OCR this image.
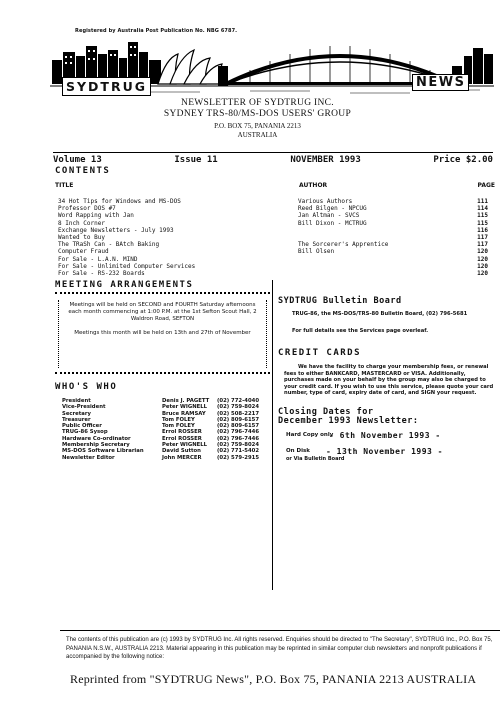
Registered by Australia Post Publication No. NBG 6787.
SYDTRUG	NEWS
NEWSLETTER OF SYDTRUG INC.
SYDNEY TRS-80/MS-DOS USERS' GROUP
P.O. BOX 75, PANANIA 2213
AUSTRALIA
Volume 13	Issue 11	NOVEMBER 1993	Price $2.00
CONTENTS
TITLE	AUTHOR	PAGE
34 Hot Tips for Windows and MS-DOS	Various Authors	111
Professor DOS #7	Reed Bilgen - NPCUG	114
Word Rapping with Jan	Jan Altman - SVCS	115
8 Inch Corner	Bill Dixon - MCTRUG	115
Exchange Newsletters - July 1993	116
Wanted to Buy	117
The TRaSh Can - BAtch Baking	The Sorcerer's Apprentice	117
Computer Fraud	Bill Olsen	120
For Sale - L.A.N. MIND	120
For Sale - Unlimited Computer Services	120
For Sale - RS-232 Boards	120
MEETING ARRANGEMENTS
Meetings will be held on SECOND and FOURTH Saturday afternoons each month commencing at 1:00 P.M. at the 1st Sefton Scout Hall, 2 Waldron Road, SEFTON
Meetings this month will be held on 13th and 27th of November
WHO'S WHO
President	Denis J. PAGETT (02) 772-4040
Vice-President	Peter WIGNELL (02) 759-8024
Secretary	Bruce RAMSAY (02) 508-2217
Treasurer	Tom FOLEY	(02) 809-6157
Public Officer	Tom FOLEY	(02) 809-6157
TRUG-86 Sysop	Errol ROSSER	(02) 796-7446
Hardware Co-ordinator	Errol ROSSER	(02) 796-7446
Membership Secretary	Peter WIGNELL (02) 759-8024
MS-DOS Software Librarian	David Sutton	(02) 771-5402
Newsletter Editor	John MERCER	(02) 579-2915
SYDTRUG Bulletin Board
TRUG-86, the MS-DOS/TRS-80 Bulletin Board, (02) 796-5681
For full details see the Services page overleaf.
CREDIT CARDS
We have the facility to charge your membership fees, or renewal fees to either BANKCARD, MASTERCARD or VISA. Additionally, purchases made on your behalf by the group may also be charged to your credit card. If you wish to use this service, please quote your card number, type of card, expiry date of card, and SIGN your request.
Closing Dates for
December 1993 Newsletter:
Hard Copy only
- 6th November 1993 -
On Disk - 13th November 1993 -
or Via Bulletin Board
The contents of this publication are (c) 1993 by SYDTRUG Inc. All rights reserved. Enquiries should be directed to "The Secretary", SYDTRUG Inc., P.O. Box 75, PANANIA N.S.W., AUSTRALIA 2213. Material appearing in this publication may be reprinted in similar computer club newsletters and nonprofit publications if accompanied by the following notice:
Reprinted from "SYDTRUG News", P.O. Box 75, PANANIA 2213 AUSTRALIA
